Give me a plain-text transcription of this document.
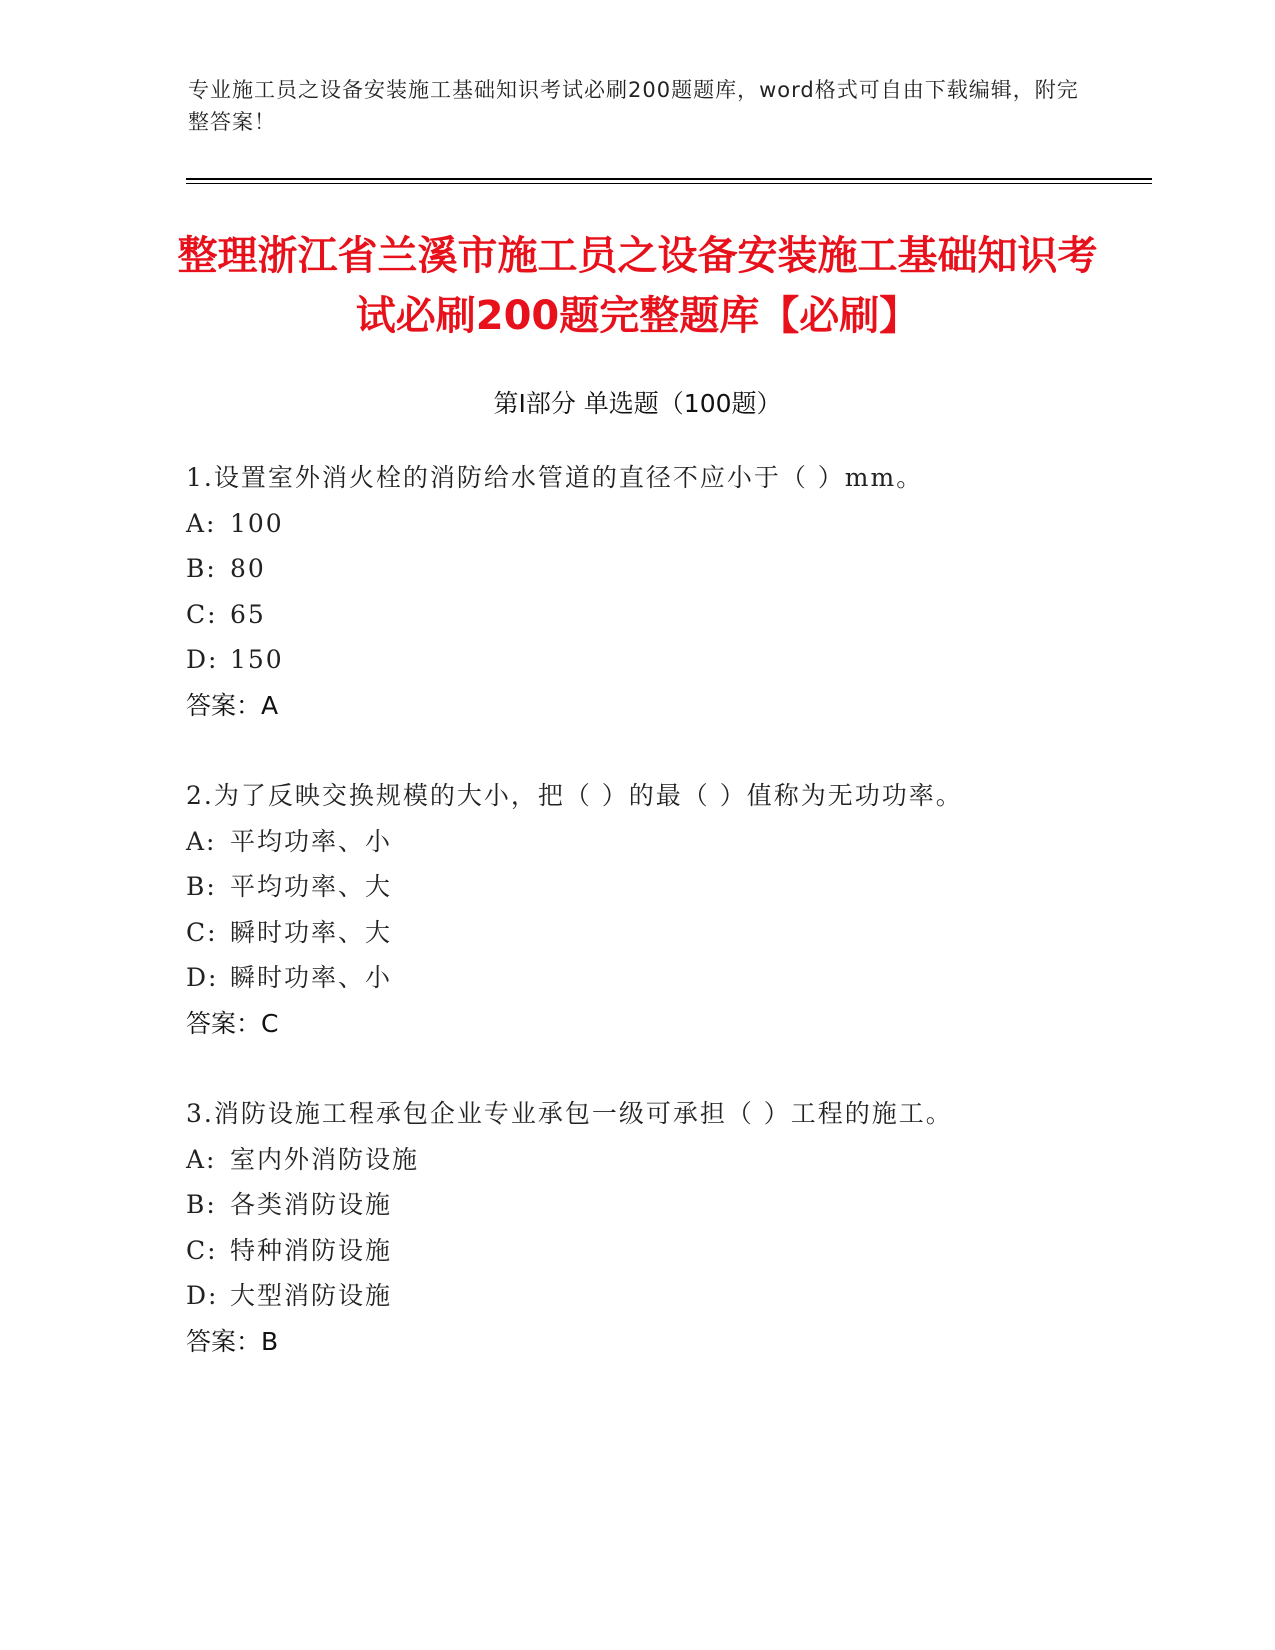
专业施工员之设备安装施工基础知识考试必刷200题题库，word格式可自由下载编辑，附完整答案！
整理浙江省兰溪市施工员之设备安装施工基础知识考试必刷200题完整题库【必刷】
第I部分 单选题（100题）
1.设置室外消火栓的消防给水管道的直径不应小于（ ）mm。
A: 100
B: 80
C: 65
D: 150
答案：A
2.为了反映交换规模的大小，把（ ）的最（ ）值称为无功功率。
A: 平均功率、小
B: 平均功率、大
C: 瞬时功率、大
D: 瞬时功率、小
答案：C
3.消防设施工程承包企业专业承包一级可承担（ ）工程的施工。
A: 室内外消防设施
B: 各类消防设施
C: 特种消防设施
D: 大型消防设施
答案：B
